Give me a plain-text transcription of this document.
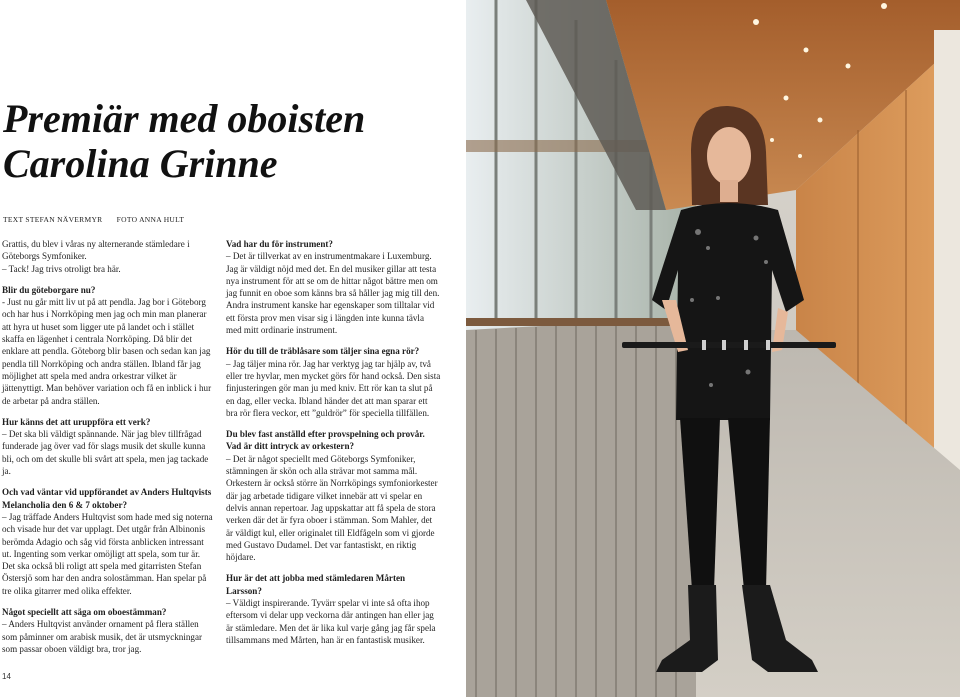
Premiär med oboisten
Carolina Grinne
TEXT STEFAN NÄVERMYR FOTO ANNA HULT

Grattis, du blev i våras ny alternerande stämledare i Göteborgs Symfoniker.

– Tack! Jag trivs otroligt bra här.

Blir du göteborgare nu?

- Just nu går mitt liv ut på att pendla. Jag bor i Göteborg och har hus i Norrköping men jag och min man planerar att hyra ut huset som ligger ute på landet och i stället skaffa en lägenhet i centrala Norrköping. Då blir det enklare att pendla. Göteborg blir basen och sedan kan jag pendla till Norrköping och andra ställen. Ibland får jag möjlighet att spela med andra orkestrar vilket är jättenyttigt. Man behöver variation och få en inblick i hur de arbetar på andra ställen.

Hur känns det att uruppföra ett verk?

– Det ska bli väldigt spännande. När jag blev tillfrågad funderade jag över vad för slags musik det skulle kunna bli, och om det skulle bli svårt att spela, men jag tackade ja.

Och vad väntar vid uppförandet av Anders Hultqvists Melancholia den 6 & 7 oktober?

– Jag träffade Anders Hultqvist som hade med sig noterna och visade hur det var upplagt. Det utgår från Albinonis berömda Adagio och såg vid första anblicken intressant ut. Ingenting som verkar omöjligt att spela, som tur är. Det ska också bli roligt att spela med gitarristen Stefan Östersjö som har den andra solostämman. Han spelar på tre olika gitarrer med olika effekter.

Något speciellt att säga om oboestämman?

– Anders Hultqvist använder ornament på flera ställen som påminner om arabisk musik, det är utsmyckningar som passar oboen väldigt bra, tror jag.

Vad har du för instrument?

– Det är tillverkat av en instrumentmakare i Luxemburg. Jag är väldigt nöjd med det. En del musiker gillar att testa nya instrument för att se om de hittar något bättre men om jag funnit en oboe som känns bra så håller jag mig till den. Andra instrument kanske har egenskaper som tilltalar vid ett första prov men visar sig i längden inte kunna tävla med mitt ordinarie instrument.

Hör du till de träblåsare som täljer sina egna rör?

– Jag täljer mina rör. Jag har verktyg jag tar hjälp av, två eller tre hyvlar, men mycket görs för hand också. Den sista finjusteringen gör man ju med kniv. Ett rör kan ta slut på en dag, eller vecka. Ibland händer det att man sparar ett bra rör flera veckor, ett ”guldrör” för speciella tillfällen.

Du blev fast anställd efter provspelning och provår. Vad är ditt intryck av orkestern?

– Det är något speciellt med Göteborgs Symfoniker, stämningen är skön och alla strävar mot samma mål. Orkestern är också större än Norrköpings symfoniorkester där jag arbetade tidigare vilket innebär att vi spelar en delvis annan repertoar. Jag uppskattar att få spela de stora verken där det är fyra oboer i stämman. Som Mahler, det är väldigt kul, eller originalet till Eldfågeln som vi gjorde med Gustavo Dudamel. Det var fantastiskt, en riktig höjdare.

Hur är det att jobba med stämledaren Mårten Larsson?

– Väldigt inspirerande. Tyvärr spelar vi inte så ofta ihop eftersom vi delar upp veckorna där antingen han eller jag är stämledare. Men det är lika kul varje gång jag får spela tillsammans med Mårten, han är en fantastisk musiker.

14
